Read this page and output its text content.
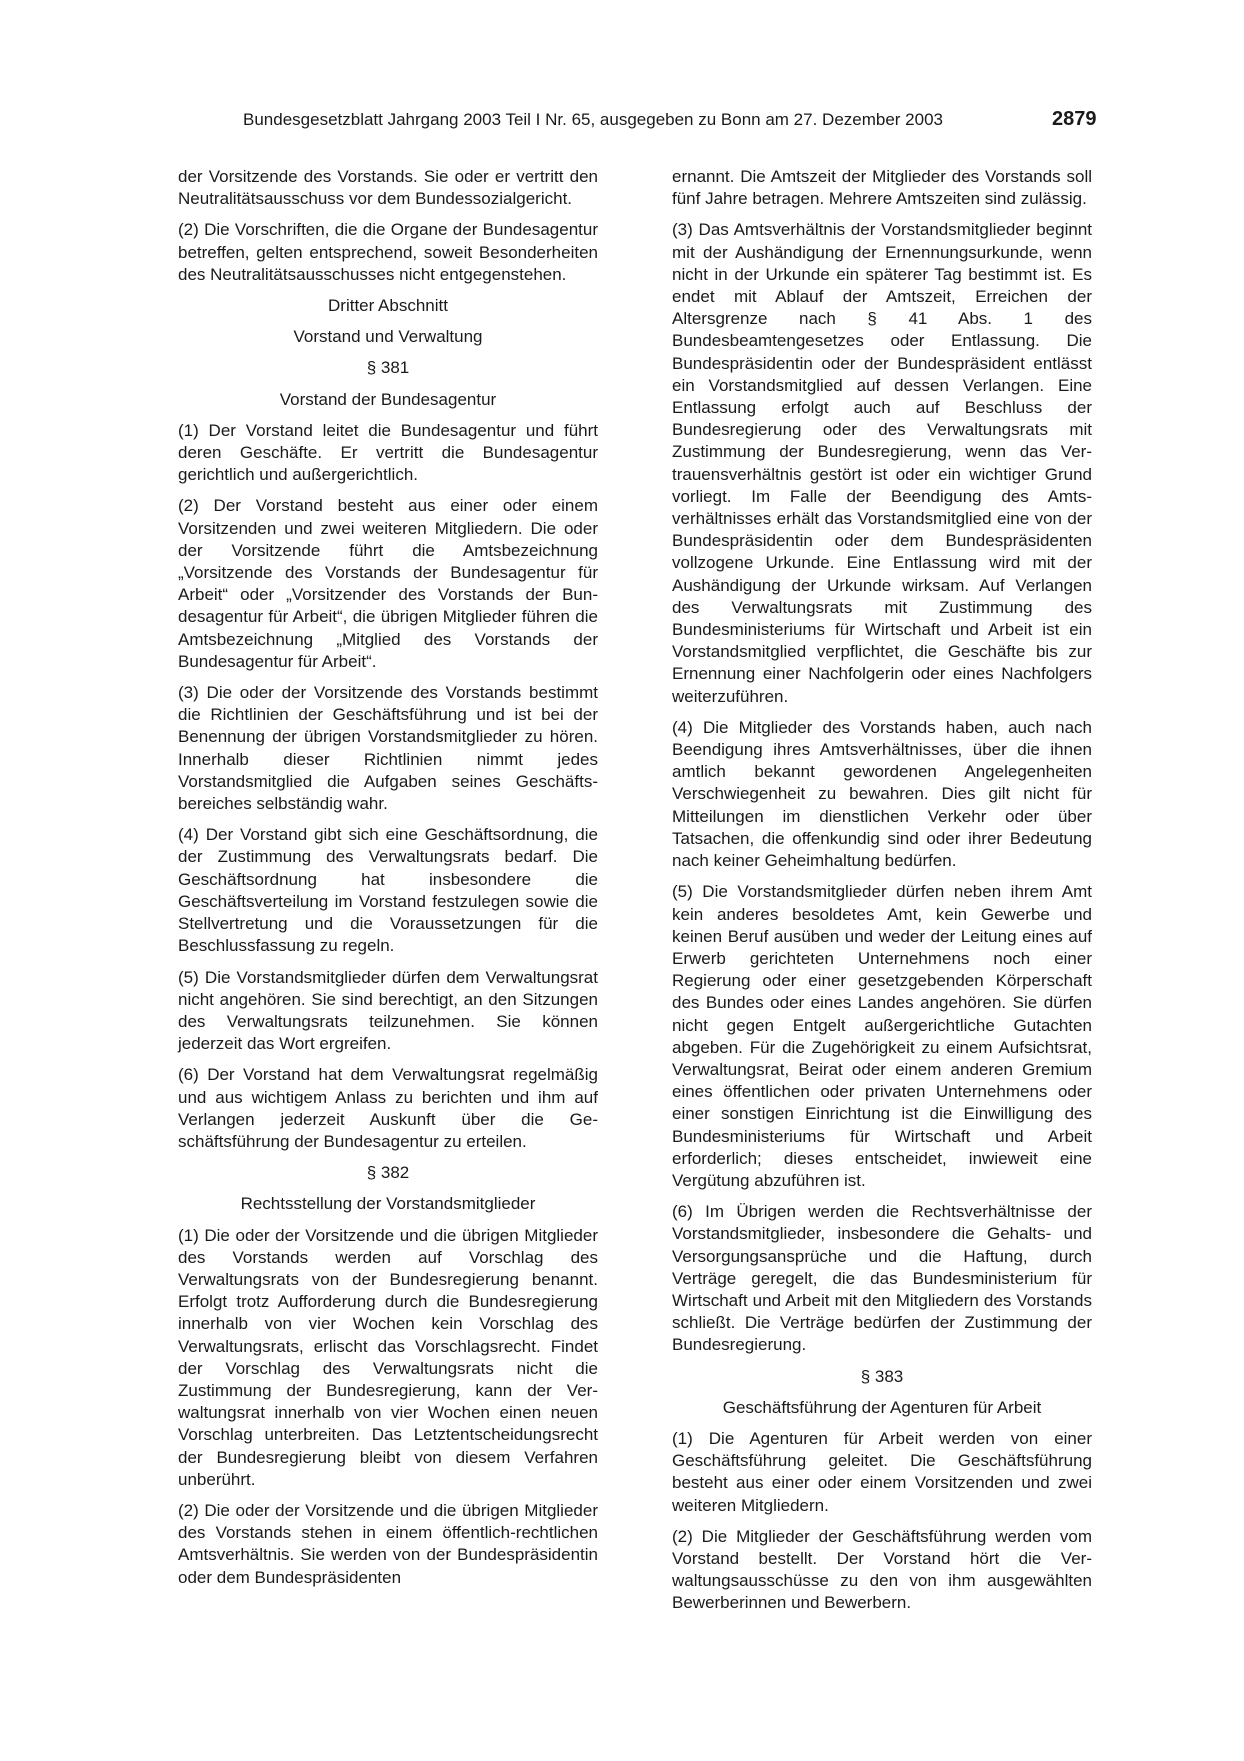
Bundesgesetzblatt Jahrgang 2003 Teil I Nr. 65, ausgegeben zu Bonn am 27. Dezember 2003	2879

der Vorsitzende des Vorstands. Sie oder er vertritt den Neutralitätsausschuss vor dem Bundessozialgericht.

(2) Die Vorschriften, die die Organe der Bundesagentur betreffen, gelten entsprechend, soweit Besonderheiten des Neutralitätsausschusses nicht entgegenstehen.

Dritter Abschnitt
Vorstand und Verwaltung
§ 381
Vorstand der Bundesagentur

(1) Der Vorstand leitet die Bundesagentur und führt deren Geschäfte. Er vertritt die Bundesagentur gerichtlich und außergerichtlich.

(2) Der Vorstand besteht aus einer oder einem Vorsitzenden und zwei weiteren Mitgliedern. Die oder der Vorsitzende führt die Amtsbezeichnung „Vorsitzende des Vorstands der Bundesagentur für Arbeit“ oder „Vorsitzender des Vorstands der Bundesagentur für Arbeit“, die übrigen Mitglieder führen die Amtsbezeichnung „Mitglied des Vorstands der Bundesagentur für Arbeit“.

(3) Die oder der Vorsitzende des Vorstands bestimmt die Richtlinien der Geschäftsführung und ist bei der Benennung der übrigen Vorstandsmitglieder zu hören. Innerhalb dieser Richtlinien nimmt jedes Vorstandsmitglied die Aufgaben seines Geschäftsbereiches selbständig wahr.

(4) Der Vorstand gibt sich eine Geschäftsordnung, die der Zustimmung des Verwaltungsrats bedarf. Die Geschäftsordnung hat insbesondere die Geschäftsverteilung im Vorstand festzulegen sowie die Stellvertretung und die Voraussetzungen für die Beschlussfassung zu regeln.

(5) Die Vorstandsmitglieder dürfen dem Verwaltungsrat nicht angehören. Sie sind berechtigt, an den Sitzungen des Verwaltungsrats teilzunehmen. Sie können jederzeit das Wort ergreifen.

(6) Der Vorstand hat dem Verwaltungsrat regelmäßig und aus wichtigem Anlass zu berichten und ihm auf Verlangen jederzeit Auskunft über die Geschäftsführung der Bundesagentur zu erteilen.

§ 382
Rechtsstellung der Vorstandsmitglieder

(1) Die oder der Vorsitzende und die übrigen Mitglieder des Vorstands werden auf Vorschlag des Verwaltungsrats von der Bundesregierung benannt. Erfolgt trotz Aufforderung durch die Bundesregierung innerhalb von vier Wochen kein Vorschlag des Verwaltungsrats, erlischt das Vorschlagsrecht. Findet der Vorschlag des Verwaltungsrats nicht die Zustimmung der Bundesregierung, kann der Verwaltungsrat innerhalb von vier Wochen einen neuen Vorschlag unterbreiten. Das Letztentscheidungsrecht der Bundesregierung bleibt von diesem Verfahren unberührt.

(2) Die oder der Vorsitzende und die übrigen Mitglieder des Vorstands stehen in einem öffentlich-rechtlichen Amtsverhältnis. Sie werden von der Bundespräsidentin oder dem Bundespräsidenten

ernannt. Die Amtszeit der Mitglieder des Vorstands soll fünf Jahre betragen. Mehrere Amtszeiten sind zulässig.

(3) Das Amtsverhältnis der Vorstandsmitglieder beginnt mit der Aushändigung der Ernennungsurkunde, wenn nicht in der Urkunde ein späterer Tag bestimmt ist. Es endet mit Ablauf der Amtszeit, Erreichen der Altersgrenze nach § 41 Abs. 1 des Bundesbeamtengesetzes oder Entlassung. Die Bundespräsidentin oder der Bundespräsident entlässt ein Vorstandsmitglied auf dessen Verlangen. Eine Entlassung erfolgt auch auf Beschluss der Bundesregierung oder des Verwaltungsrats mit Zustimmung der Bundesregierung, wenn das Vertrauensverhältnis gestört ist oder ein wichtiger Grund vorliegt. Im Falle der Beendigung des Amtsverhältnisses erhält das Vorstandsmitglied eine von der Bundespräsidentin oder dem Bundespräsidenten vollzogene Urkunde. Eine Entlassung wird mit der Aushändigung der Urkunde wirksam. Auf Verlangen des Verwaltungsrats mit Zustimmung des Bundesministeriums für Wirtschaft und Arbeit ist ein Vorstandsmitglied verpflichtet, die Geschäfte bis zur Ernennung einer Nachfolgerin oder eines Nachfolgers weiterzuführen.

(4) Die Mitglieder des Vorstands haben, auch nach Beendigung ihres Amtsverhältnisses, über die ihnen amtlich bekannt gewordenen Angelegenheiten Verschwiegenheit zu bewahren. Dies gilt nicht für Mitteilungen im dienstlichen Verkehr oder über Tatsachen, die offenkundig sind oder ihrer Bedeutung nach keiner Geheimhaltung bedürfen.

(5) Die Vorstandsmitglieder dürfen neben ihrem Amt kein anderes besoldetes Amt, kein Gewerbe und keinen Beruf ausüben und weder der Leitung eines auf Erwerb gerichteten Unternehmens noch einer Regierung oder einer gesetzgebenden Körperschaft des Bundes oder eines Landes angehören. Sie dürfen nicht gegen Entgelt außergerichtliche Gutachten abgeben. Für die Zugehörigkeit zu einem Aufsichtsrat, Verwaltungsrat, Beirat oder einem anderen Gremium eines öffentlichen oder privaten Unternehmens oder einer sonstigen Einrichtung ist die Einwilligung des Bundesministeriums für Wirtschaft und Arbeit erforderlich; dieses entscheidet, inwieweit eine Vergütung abzuführen ist.

(6) Im Übrigen werden die Rechtsverhältnisse der Vorstandsmitglieder, insbesondere die Gehalts- und Versorgungsansprüche und die Haftung, durch Verträge geregelt, die das Bundesministerium für Wirtschaft und Arbeit mit den Mitgliedern des Vorstands schließt. Die Verträge bedürfen der Zustimmung der Bundesregierung.

§ 383
Geschäftsführung der Agenturen für Arbeit

(1) Die Agenturen für Arbeit werden von einer Geschäftsführung geleitet. Die Geschäftsführung besteht aus einer oder einem Vorsitzenden und zwei weiteren Mitgliedern.

(2) Die Mitglieder der Geschäftsführung werden vom Vorstand bestellt. Der Vorstand hört die Verwaltungsausschüsse zu den von ihm ausgewählten Bewerberinnen und Bewerbern.
